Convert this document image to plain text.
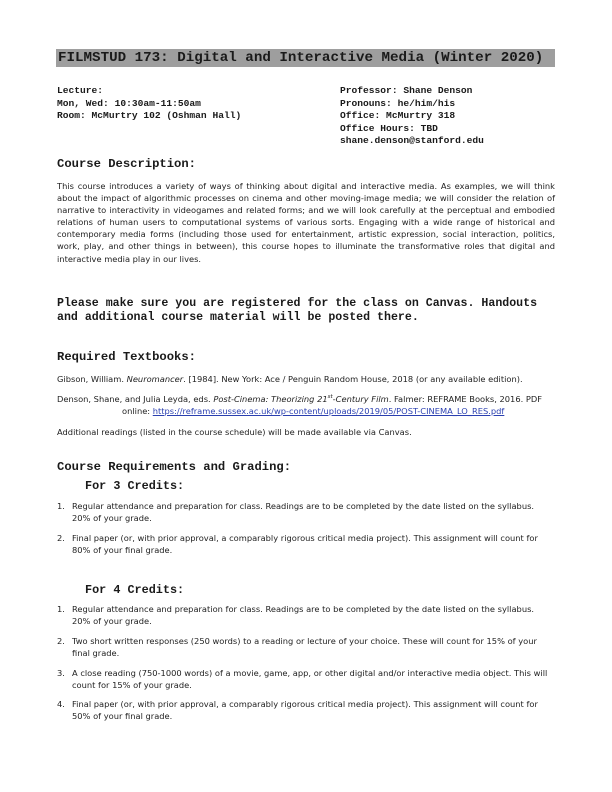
FILMSTUD 173: Digital and Interactive Media (Winter 2020)
Lecture:
Mon, Wed: 10:30am-11:50am
Room: McMurtry 102 (Oshman Hall)
Professor: Shane Denson
Pronouns: he/him/his
Office: McMurtry 318
Office Hours: TBD
shane.denson@stanford.edu
Course Description:

This course introduces a variety of ways of thinking about digital and interactive media. As examples, we will think about the impact of algorithmic processes on cinema and other moving-image media; we will consider the relation of narrative to interactivity in videogames and related forms; and we will look carefully at the perceptual and embodied relations of human users to computational systems of various sorts. Engaging with a wide range of historical and contemporary media forms (including those used for entertainment, artistic expression, social interaction, politics, work, play, and other things in between), this course hopes to illuminate the transformative roles that digital and interactive media play in our lives.

Please make sure you are registered for the class on Canvas. Handouts and additional course material will be posted there.

Required Textbooks:

Gibson, William. Neuromancer. [1984]. New York: Ace / Penguin Random House, 2018 (or any available edition).

Denson, Shane, and Julia Leyda, eds. Post-Cinema: Theorizing 21st-Century Film. Falmer: REFRAME Books, 2016. PDF
online: https://reframe.sussex.ac.uk/wp-content/uploads/2019/05/POST-CINEMA_LO_RES.pdf

Additional readings (listed in the course schedule) will be made available via Canvas.

Course Requirements and Grading:
For 3 Credits:
1. Regular attendance and preparation for class. Readings are to be completed by the date listed on the syllabus. 20% of your grade.
2. Final paper (or, with prior approval, a comparably rigorous critical media project). This assignment will count for 80% of your final grade.
For 4 Credits:
1. Regular attendance and preparation for class. Readings are to be completed by the date listed on the syllabus. 20% of your grade.
2. Two short written responses (250 words) to a reading or lecture of your choice. These will count for 15% of your final grade.
3. A close reading (750-1000 words) of a movie, game, app, or other digital and/or interactive media object. This will count for 15% of your grade.
4. Final paper (or, with prior approval, a comparably rigorous critical media project). This assignment will count for 50% of your final grade.
